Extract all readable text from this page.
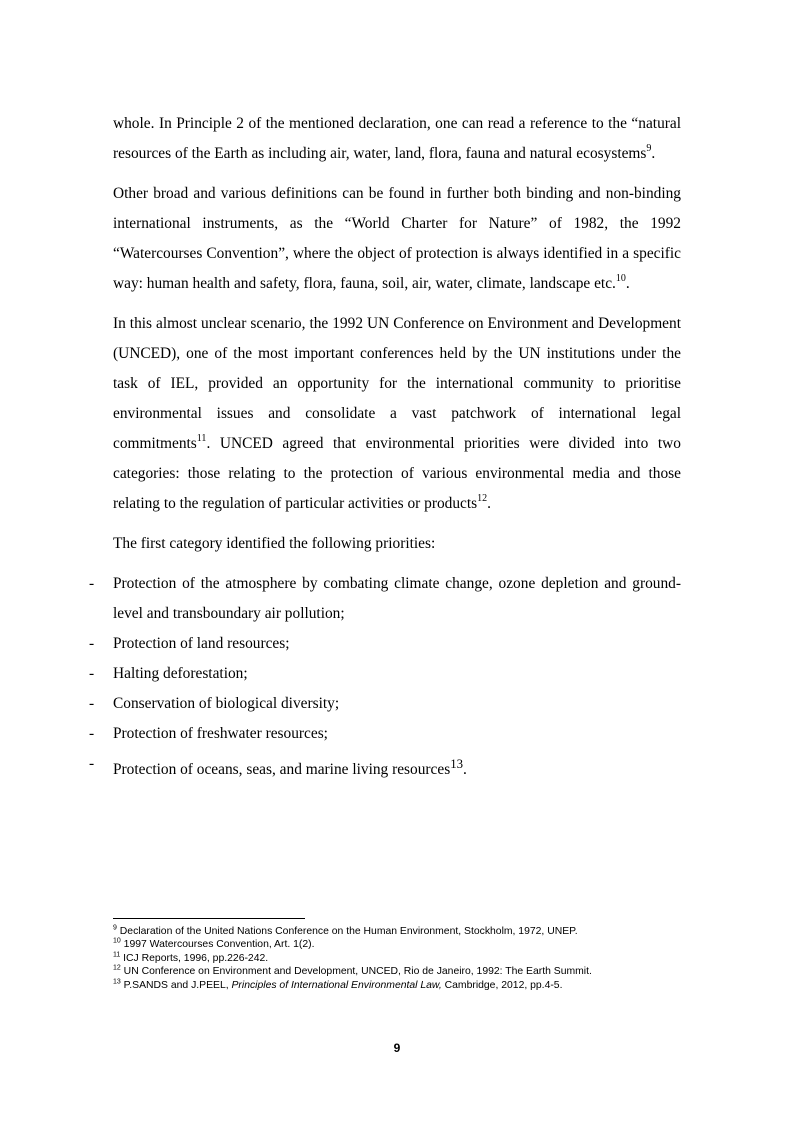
whole. In Principle 2 of the mentioned declaration, one can read a reference to the “natural resources of the Earth as including air, water, land, flora, fauna and natural ecosystems$^9$.

Other broad and various definitions can be found in further both binding and non-binding international instruments, as the “World Charter for Nature” of 1982, the 1992 “Watercourses Convention”, where the object of protection is always identified in a specific way: human health and safety, flora, fauna, soil, air, water, climate, landscape etc.$^{10}$.

In this almost unclear scenario, the 1992 UN Conference on Environment and Development (UNCED), one of the most important conferences held by the UN institutions under the task of IEL, provided an opportunity for the international community to prioritise environmental issues and consolidate a vast patchwork of international legal commitments$^{11}$. UNCED agreed that environmental priorities were divided into two categories: those relating to the protection of various environmental media and those relating to the regulation of particular activities or products$^{12}$.

The first category identified the following priorities:

- Protection of the atmosphere by combating climate change, ozone depletion and ground-level and transboundary air pollution;
- Protection of land resources;
- Halting deforestation;
- Conservation of biological diversity;
- Protection of freshwater resources;
- Protection of oceans, seas, and marine living resources$^{13}$.
$^9$ Declaration of the United Nations Conference on the Human Environment, Stockholm, 1972, UNEP.
$^{10}$ 1997 Watercourses Convention, Art. 1(2).
$^{11}$ ICJ Reports, 1996, pp.226-242.
$^{12}$ UN Conference on Environment and Development, UNCED, Rio de Janeiro, 1992: The Earth Summit.
$^{13}$ P.SANDS and J.PEEL, Principles of International Environmental Law, Cambridge, 2012, pp.4-5.
9
